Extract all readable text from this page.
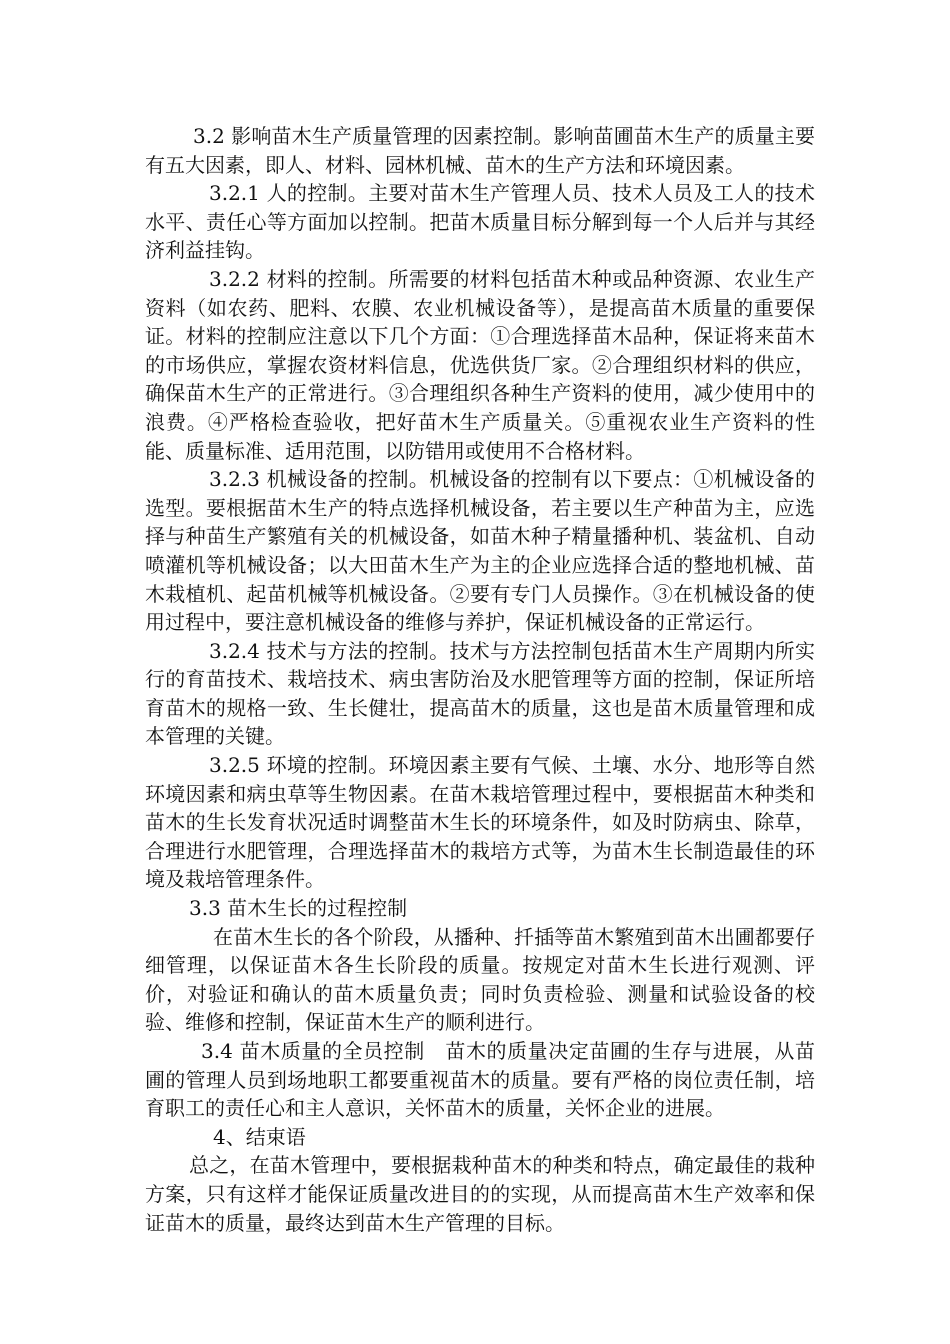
3.2 影响苗木生产质量管理的因素控制。影响苗圃苗木生产的质量主要有五大因素，即人、材料、园林机械、苗木的生产方法和环境因素。

3.2.1 人的控制。主要对苗木生产管理人员、技术人员及工人的技术水平、责任心等方面加以控制。把苗木质量目标分解到每一个人后并与其经济利益挂钩。

3.2.2 材料的控制。所需要的材料包括苗木种或品种资源、农业生产资料（如农药、肥料、农膜、农业机械设备等），是提高苗木质量的重要保证。材料的控制应注意以下几个方面：①合理选择苗木品种，保证将来苗木的市场供应，掌握农资材料信息，优选供货厂家。②合理组织材料的供应，确保苗木生产的正常进行。③合理组织各种生产资料的使用，减少使用中的浪费。④严格检查验收，把好苗木生产质量关。⑤重视农业生产资料的性能、质量标准、适用范围，以防错用或使用不合格材料。

3.2.3 机械设备的控制。机械设备的控制有以下要点：①机械设备的选型。要根据苗木生产的特点选择机械设备，若主要以生产种苗为主，应选择与种苗生产繁殖有关的机械设备，如苗木种子精量播种机、装盆机、自动喷灌机等机械设备；以大田苗木生产为主的企业应选择合适的整地机械、苗木栽植机、起苗机械等机械设备。②要有专门人员操作。③在机械设备的使用过程中，要注意机械设备的维修与养护，保证机械设备的正常运行。

3.2.4 技术与方法的控制。技术与方法控制包括苗木生产周期内所实行的育苗技术、栽培技术、病虫害防治及水肥管理等方面的控制，保证所培育苗木的规格一致、生长健壮，提高苗木的质量，这也是苗木质量管理和成本管理的关键。

3.2.5 环境的控制。环境因素主要有气候、土壤、水分、地形等自然环境因素和病虫草等生物因素。在苗木栽培管理过程中，要根据苗木种类和苗木的生长发育状况适时调整苗木生长的环境条件，如及时防病虫、除草，合理进行水肥管理，合理选择苗木的栽培方式等，为苗木生长制造最佳的环境及栽培管理条件。

3.3 苗木生长的过程控制

在苗木生长的各个阶段，从播种、扦插等苗木繁殖到苗木出圃都要仔细管理，以保证苗木各生长阶段的质量。按规定对苗木生长进行观测、评价，对验证和确认的苗木质量负责；同时负责检验、测量和试验设备的校验、维修和控制，保证苗木生产的顺利进行。

3.4 苗木质量的全员控制　苗木的质量决定苗圃的生存与进展，从苗圃的管理人员到场地职工都要重视苗木的质量。要有严格的岗位责任制，培育职工的责任心和主人意识，关怀苗木的质量，关怀企业的进展。

4、结束语

总之，在苗木管理中，要根据栽种苗木的种类和特点，确定最佳的栽种方案，只有这样才能保证质量改进目的的实现，从而提高苗木生产效率和保证苗木的质量，最终达到苗木生产管理的目标。
